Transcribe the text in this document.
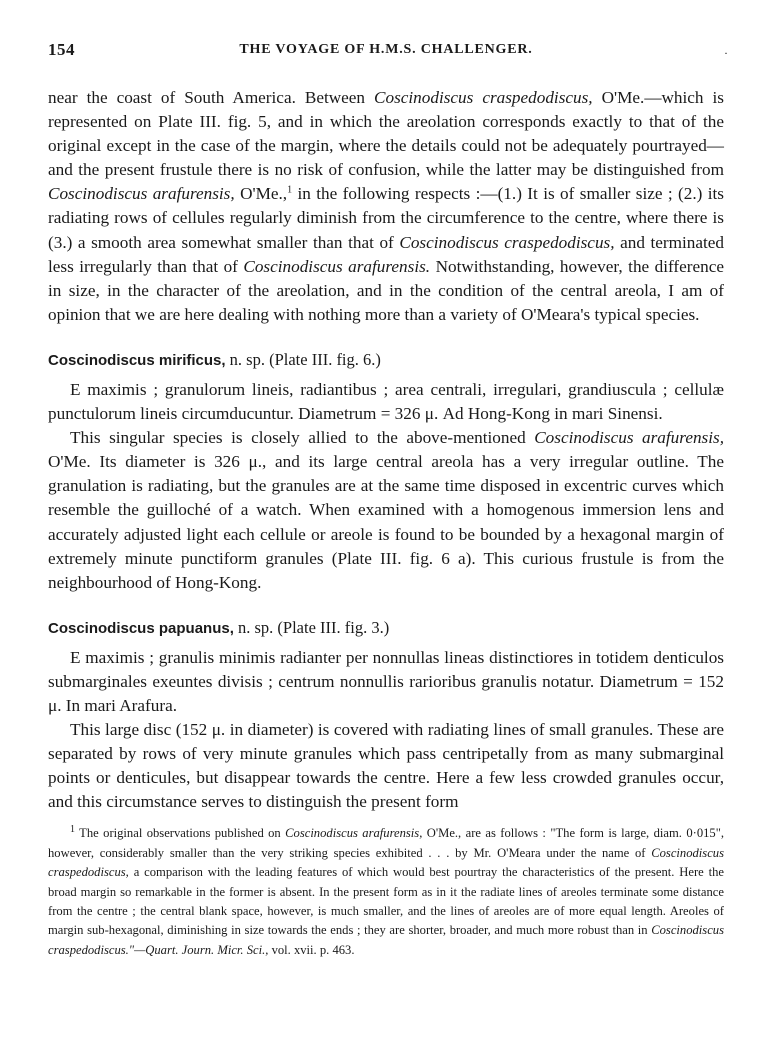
154	THE VOYAGE OF H.M.S. CHALLENGER.	·

near the coast of South America. Between Coscinodiscus craspedodiscus, O'Me.—which is represented on Plate III. fig. 5, and in which the areolation corresponds exactly to that of the original except in the case of the margin, where the details could not be adequately pourtrayed—and the present frustule there is no risk of confusion, while the latter may be distinguished from Coscinodiscus arafurensis, O'Me.,$^1$ in the following respects :—(1.) It is of smaller size ; (2.) its radiating rows of cellules regularly diminish from the circumference to the centre, where there is (3.) a smooth area somewhat smaller than that of Coscinodiscus craspedodiscus, and terminated less irregularly than that of Coscinodiscus arafurensis. Notwithstanding, however, the difference in size, in the character of the areolation, and in the condition of the central areola, I am of opinion that we are here dealing with nothing more than a variety of O'Meara's typical species.

Coscinodiscus mirificus, n. sp. (Plate III. fig. 6.)

E maximis ; granulorum lineis, radiantibus ; area centrali, irregulari, grandiuscula ; cellulæ punctulorum lineis circumducuntur. Diametrum = 326 μ. Ad Hong-Kong in mari Sinensi.

This singular species is closely allied to the above-mentioned Coscinodiscus arafurensis, O'Me. Its diameter is 326 μ., and its large central areola has a very irregular outline. The granulation is radiating, but the granules are at the same time disposed in excentric curves which resemble the guilloché of a watch. When examined with a homogenous immersion lens and accurately adjusted light each cellule or areole is found to be bounded by a hexagonal margin of extremely minute punctiform granules (Plate III. fig. 6 a). This curious frustule is from the neighbourhood of Hong-Kong.

Coscinodiscus papuanus, n. sp. (Plate III. fig. 3.)

E maximis ; granulis minimis radianter per nonnullas lineas distinctiores in totidem denticulos submarginales exeuntes divisis ; centrum nonnullis rarioribus granulis notatur. Diametrum = 152 μ. In mari Arafura.

This large disc (152 μ. in diameter) is covered with radiating lines of small granules. These are separated by rows of very minute granules which pass centripetally from as many submarginal points or denticules, but disappear towards the centre. Here a few less crowded granules occur, and this circumstance serves to distinguish the present form

$^1$ The original observations published on Coscinodiscus arafurensis, O'Me., are as follows : "The form is large, diam. 0·015", however, considerably smaller than the very striking species exhibited . . . by Mr. O'Meara under the name of Coscinodiscus craspedodiscus, a comparison with the leading features of which would best pourtray the characteristics of the present. Here the broad margin so remarkable in the former is absent. In the present form as in it the radiate lines of areoles terminate some distance from the centre ; the central blank space, however, is much smaller, and the lines of areoles are of more equal length. Areoles of margin sub-hexagonal, diminishing in size towards the ends ; they are shorter, broader, and much more robust than in Coscinodiscus craspedodiscus."—Quart. Journ. Micr. Sci., vol. xvii. p. 463.
